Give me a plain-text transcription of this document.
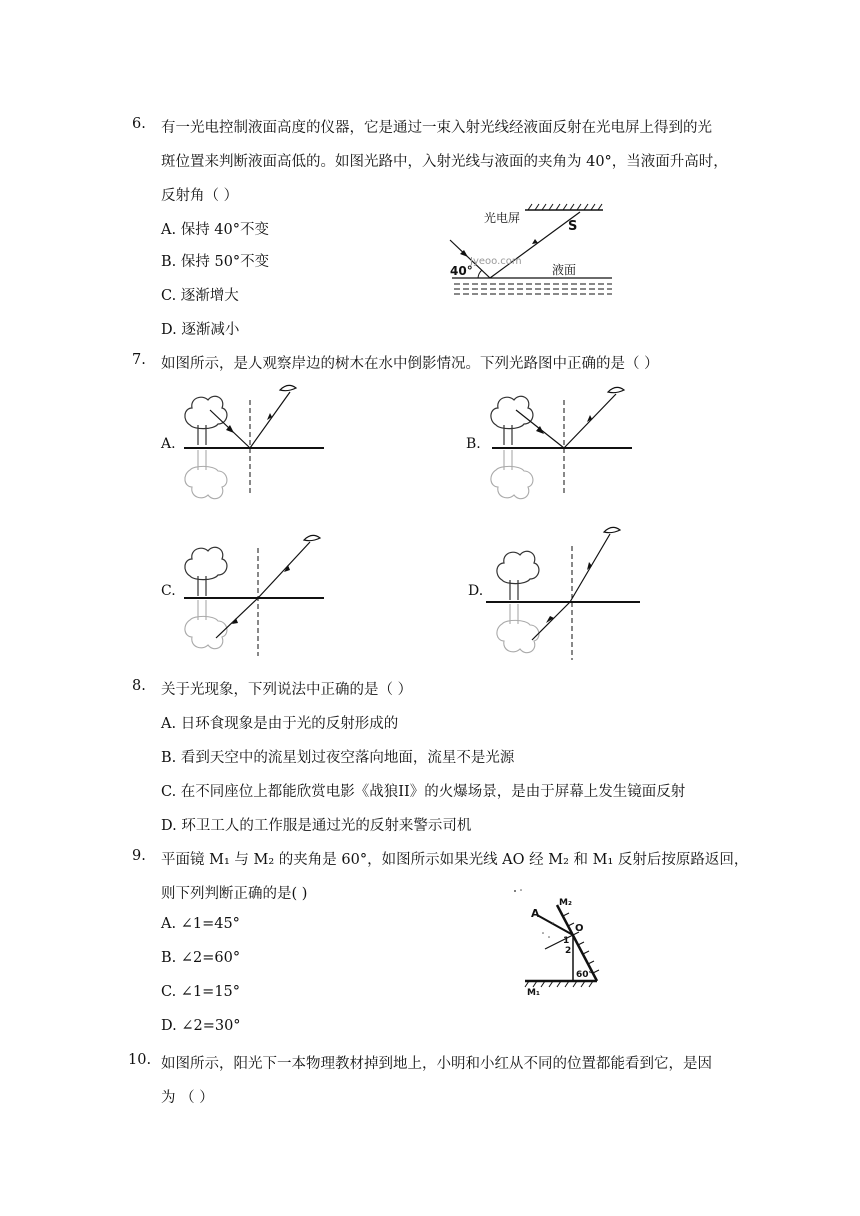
6.	有一光电控制液面高度的仪器，它是通过一束入射光线经液面反射在光电屏上得到的光
斑位置来判断液面高低的。如图光路中，入射光线与液面的夹角为 40°，当液面升高时，
反射角（ ）
A. 保持 40°不变
B. 保持 50°不变
C. 逐渐增大
D. 逐渐减小
光电屏
S
40°
Jyeoo.com
液面
7.	如图所示，是人观察岸边的树木在水中倒影情况。下列光路图中正确的是（ ）
A.	B.
C.	D.
8.	关于光现象，下列说法中正确的是（ ）
A. 日环食现象是由于光的反射形成的
B. 看到天空中的流星划过夜空落向地面，流星不是光源
C. 在不同座位上都能欣赏电影《战狼II》的火爆场景，是由于屏幕上发生镜面反射
D. 环卫工人的工作服是通过光的反射来警示司机
9.	平面镜 M₁ 与 M₂ 的夹角是 60°，如图所示如果光线 AO 经 M₂ 和 M₁ 反射后按原路返回，
则下列判断正确的是( )
A. ∠1=45°
B. ∠2=60°
C. ∠1=15°
D. ∠2=30°
A
O
M₂
M₁
60°
1
2
10. 如图所示，阳光下一本物理教材掉到地上，小明和小红从不同的位置都能看到它，是因
为 （ ）
